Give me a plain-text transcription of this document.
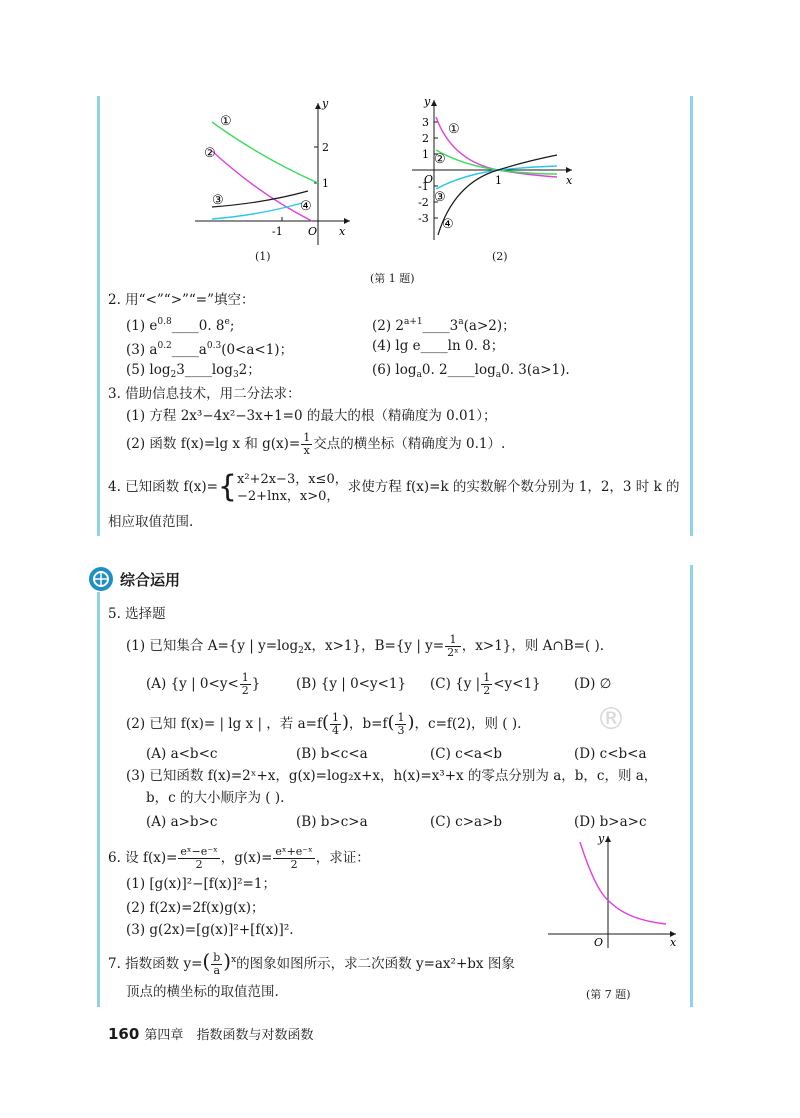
y
x
O
2
1
-1
①
②
③	④
(1)
y
x
O
3
2
1
-1
-2
-3
1
①
②
③
④
(2)
(第 1 题)
2. 用“<”“>”“=”填空：
(1) $e^{0.8}\_\_\_\_0$. 8e;	(2) $2^{a+1}\_\_\_\_3^a(a>2)$；
(3) $a^{0.2}\_\_\_\_a^{0.3}(0<a<1)$；	(4) lg e____ln 0. 8；
(5) $\log_23\_\_\_\_\log_32$；	(6) $\log_a0$. $2\_\_\_\_\log_a0$. 3(a>1).
3. 借助信息技术，用二分法求：
(1) 方程 2x³−4x²−3x+1=0 的最大的根（精确度为 0.01）；
(2) 函数 f(x)=lg x 和 $g(x)= \frac{1}{x}$ 交点的横坐标（精确度为 0.1）.
4. 已知函数 f(x)={ x²+2x−3，x≤0，
−2+lnx，x>0，
求使方程 f(x)=k 的实数解个数分别为 1，2，3 时 k 的
相应取值范围.
综合运用
5. 选择题
(1) 已知集合 A={y | $y=\log_2x$，x>1}，B={y | $y= \frac{1}{\text{2ˣ}}$ ，x>1}，则 A∩B=( ).
(A) {y | $0<y< \frac{1}{2}$ }	(B) {y | 0<y<1} (C) {y | $\frac{1}{2} <y<1$} (D) ∅
(2) 已知 f(x)= | lg x | ，若 $a=f( \frac{1}{4}$ )，$b=f( \frac{1}{3}$ )，c=f(2)，则 ( ).
(A) a<b<c	(B) b<c<a	(C) c<a<b	(D) c<b<a
(3) 已知函数 f(x)=2ˣ+x，g(x)=log₂x+x，h(x)=x³+x 的零点分别为 a，b，c，则 a，
b，c 的大小顺序为 ( ).
(A) a>b>c	(B) b>c>a	(C) c>a>b	(D) b>a>c
®
6. 设 $f(x)= \frac{\text{eˣ−e⁻ˣ}}{2}$ ，$g(x)= \frac{\text{eˣ+e⁻ˣ}}{2}$ ，求证：
(1) [g(x)]²−[f(x)]²=1；
(2) f(2x)=2f(x)g(x)；
(3) g(2x)=[g(x)]²+[f(x)]².
7. 指数函数 $y=( \frac{b}{a} )^x$的图象如图所示，求二次函数 y=ax²+bx 图象
顶点的横坐标的取值范围.
y
x
O
(第 7 题)
160 第四章 指数函数与对数函数
